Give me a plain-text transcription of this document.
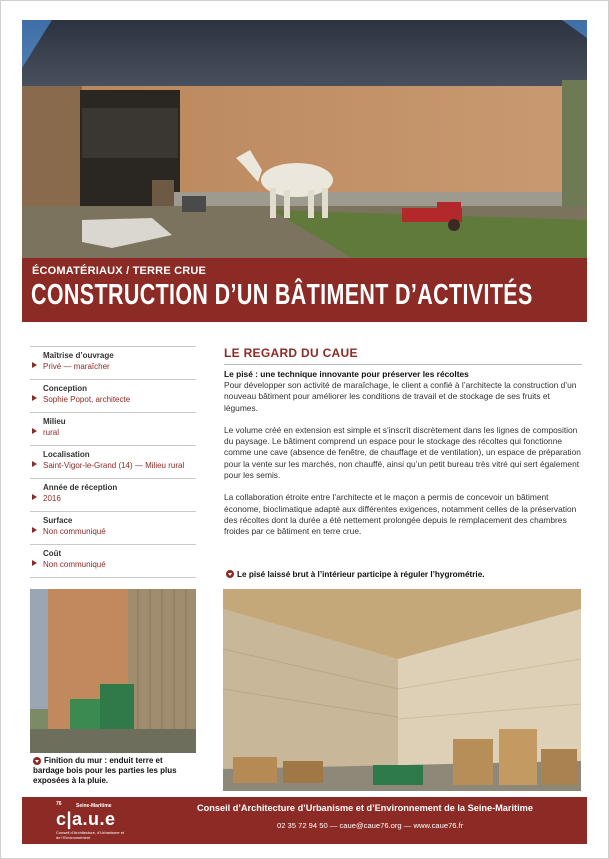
ÉCOMATÉRIAUX / TERRE CRUE
CONSTRUCTION D’UN BÂTIMENT D’ACTIVITÉS
Maîtrise d’ouvrage
Privé — maraîcher
Conception
Sophie Popot, architecte
Milieu
rural
Localisation
Saint-Vigor-le-Grand (14) — Milieu rural
Année de réception
2016
Surface
Non communiqué
Coût
Non communiqué
LE REGARD DU CAUE
Le pisé : une technique innovante pour préserver les récoltes

Pour développer son activité de maraîchage, le client a confié à l’architecte la construction d’un nouveau bâtiment pour améliorer les conditions de travail et de stockage de ses fruits et légumes.

Le volume créé en extension est simple et s’inscrit discrètement dans les lignes de composition du paysage. Le bâtiment comprend un espace pour le stockage des récoltes qui fonctionne comme une cave (absence de fenêtre, de chauffage et de ventilation), un espace de préparation pour la vente sur les marchés, non chauffé, ainsi qu’un petit bureau très vitré qui sert également pour les semis.

La collaboration étroite entre l’architecte et le maçon a permis de concevoir un bâtiment économe, bioclimatique adapté aux différentes exigences, notamment celles de la préservation des récoltes dont la durée a été nettement prolongée depuis le remplacement des chambres froides par ce bâtiment en terre crue.

Le pisé laissé brut à l’intérieur participe à réguler l’hygrométrie.
Finition du mur : enduit terre et bardage bois pour les parties les plus exposées à la pluie.
76	Seine-Maritime
c|a.u.e
Conseil d’Architecture, d’Urbanisme et de l’Environnement
Conseil d’Architecture d’Urbanisme et d’Environnement de la Seine-Maritime
02 35 72 94 50 — caue@caue76.org — www.caue76.fr
